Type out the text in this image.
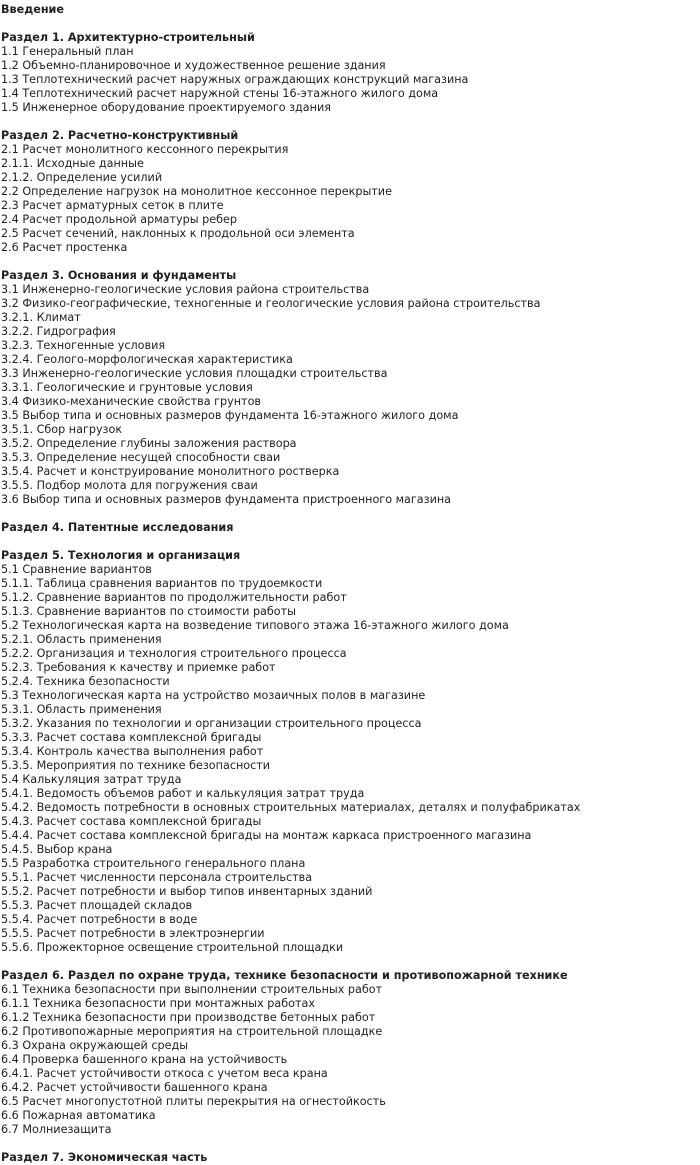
Введение
Раздел 1. Архитектурно-строительный
1.1 Генеральный план
1.2 Объемно-планировочное и художественное решение здания
1.3 Теплотехнический расчет наружных ограждающих конструкций магазина
1.4 Теплотехнический расчет наружной стены 16-этажного жилого дома
1.5 Инженерное оборудование проектируемого здания
Раздел 2. Расчетно-конструктивный
2.1 Расчет монолитного кессонного перекрытия
2.1.1. Исходные данные
2.1.2. Определение усилий
2.2 Определение нагрузок на монолитное кессонное перекрытие
2.3 Расчет арматурных сеток в плите
2.4 Расчет продольной арматуры ребер
2.5 Расчет сечений, наклонных к продольной оси элемента
2.6 Расчет простенка
Раздел 3. Основания и фундаменты
3.1 Инженерно-геологические условия района строительства
3.2 Физико-географические, техногенные и геологические условия района строительства
3.2.1. Климат
3.2.2. Гидрография
3.2.3. Техногенные условия
3.2.4. Геолого-морфологическая характеристика
3.3 Инженерно-геологические условия площадки строительства
3.3.1. Геологические и грунтовые условия
3.4 Физико-механические свойства грунтов
3.5 Выбор типа и основных размеров фундамента 16-этажного жилого дома
3.5.1. Сбор нагрузок
3.5.2. Определение глубины заложения раствора
3.5.3. Определение несущей способности сваи
3.5.4. Расчет и конструирование монолитного ростверка
3.5.5. Подбор молота для погружения сваи
3.6 Выбор типа и основных размеров фундамента пристроенного магазина
Раздел 4. Патентные исследования
Раздел 5. Технология и организация
5.1 Сравнение вариантов
5.1.1. Таблица сравнения вариантов по трудоемкости
5.1.2. Сравнение вариантов по продолжительности работ
5.1.3. Сравнение вариантов по стоимости работы
5.2 Технологическая карта на возведение типового этажа 16-этажного жилого дома
5.2.1. Область применения
5.2.2. Организация и технология строительного процесса
5.2.3. Требования к качеству и приемке работ
5.2.4. Техника безопасности
5.3 Технологическая карта на устройство мозаичных полов в магазине
5.3.1. Область применения
5.3.2. Указания по технологии и организации строительного процесса
5.3.3. Расчет состава комплексной бригады
5.3.4. Контроль качества выполнения работ
5.3.5. Мероприятия по технике безопасности
5.4 Калькуляция затрат труда
5.4.1. Ведомость объемов работ и калькуляция затрат труда
5.4.2. Ведомость потребности в основных строительных материалах, деталях и полуфабрикатах
5.4.3. Расчет состава комплексной бригады
5.4.4. Расчет состава комплексной бригады на монтаж каркаса пристроенного магазина
5.4.5. Выбор крана
5.5 Разработка строительного генерального плана
5.5.1. Расчет численности персонала строительства
5.5.2. Расчет потребности и выбор типов инвентарных зданий
5.5.3. Расчет площадей складов
5.5.4. Расчет потребности в воде
5.5.5. Расчет потребности в электроэнергии
5.5.6. Прожекторное освещение строительной площадки
Раздел 6. Раздел по охране труда, технике безопасности и противопожарной технике
6.1 Техника безопасности при выполнении строительных работ
6.1.1 Техника безопасности при монтажных работах
6.1.2 Техника безопасности при производстве бетонных работ
6.2 Противопожарные мероприятия на строительной площадке
6.3 Охрана окружающей среды
6.4 Проверка башенного крана на устойчивость
6.4.1. Расчет устойчивости откоса с учетом веса крана
6.4.2. Расчет устойчивости башенного крана
6.5 Расчет многопустотной плиты перекрытия на огнестойкость
6.6 Пожарная автоматика
6.7 Молниезащита
Раздел 7. Экономическая часть
